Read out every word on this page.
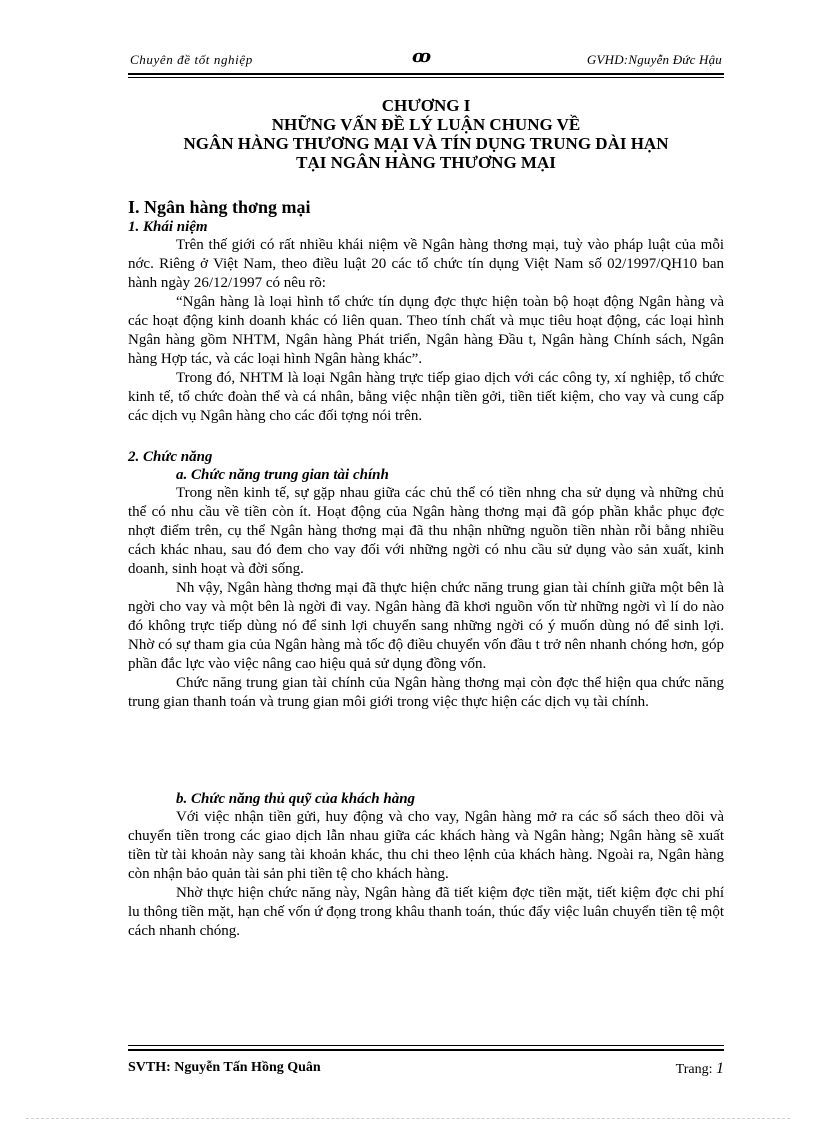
Chuyên đề tốt nghiệp	ꝏ	GVHD:Nguyễn Đức Hậu
CHƯƠNG I
NHỮNG VẤN ĐỀ LÝ LUẬN CHUNG VỀ
NGÂN HÀNG THƯƠNG MẠI VÀ TÍN DỤNG TRUNG DÀI HẠN
TẠI NGÂN HÀNG THƯƠNG MẠI
I. Ngân hàng thơng mại
1. Khái niệm

Trên thế giới có rất nhiều khái niệm về Ngân hàng thơng mại, tuỳ vào pháp luật của mỗi nớc. Riêng ở Việt Nam, theo điều luật 20 các tổ chức tín dụng Việt Nam số 02/1997/QH10 ban hành ngày 26/12/1997 có nêu rõ:

“Ngân hàng là loại hình tổ chức tín dụng đợc thực hiện toàn bộ hoạt động Ngân hàng và các hoạt động kinh doanh khác có liên quan. Theo tính chất và mục tiêu hoạt động, các loại hình Ngân hàng gồm NHTM, Ngân hàng Phát triển, Ngân hàng Đầu t, Ngân hàng Chính sách, Ngân hàng Hợp tác, và các loại hình Ngân hàng khác”.

Trong đó, NHTM là loại Ngân hàng trực tiếp giao dịch với các công ty, xí nghiệp, tổ chức kinh tế, tổ chức đoàn thể và cá nhân, bằng việc nhận tiền gởi, tiền tiết kiệm, cho vay và cung cấp các dịch vụ Ngân hàng cho các đối tợng nói trên.

2. Chức năng
a. Chức năng trung gian tài chính

Trong nền kinh tế, sự gặp nhau giữa các chủ thể có tiền nhng cha sử dụng và những chủ thể có nhu cầu về tiền còn ít. Hoạt động của Ngân hàng thơng mại đã góp phần khắc phục đợc nhợt điểm trên, cụ thể Ngân hàng thơng mại đã thu nhận những nguồn tiền nhàn rỗi bằng nhiều cách khác nhau, sau đó đem cho vay đối với những ngời có nhu cầu sử dụng vào sản xuất, kinh doanh, sinh hoạt và đời sống.

Nh vậy, Ngân hàng thơng mại đã thực hiện chức năng trung gian tài chính giữa một bên là ngời cho vay và một bên là ngời đi vay. Ngân hàng đã khơi nguồn vốn từ những ngời vì lí do nào đó không trực tiếp dùng nó để sinh lợi chuyển sang những ngời có ý muốn dùng nó để sinh lợi. Nhờ có sự tham gia của Ngân hàng mà tốc độ điều chuyển vốn đầu t trở nên nhanh chóng hơn, góp phần đắc lực vào việc nâng cao hiệu quả sử dụng đồng vốn.

Chức năng trung gian tài chính của Ngân hàng thơng mại còn đợc thể hiện qua chức năng trung gian thanh toán và trung gian môi giới trong việc thực hiện các dịch vụ tài chính.

b. Chức năng thủ quỹ của khách hàng

Với việc nhận tiền gửi, huy động và cho vay, Ngân hàng mở ra các sổ sách theo dõi và chuyển tiền trong các giao dịch lẫn nhau giữa các khách hàng và Ngân hàng; Ngân hàng sẽ xuất tiền từ tài khoản này sang tài khoản khác, thu chi theo lệnh của khách hàng. Ngoài ra, Ngân hàng còn nhận bảo quản tài sản phi tiền tệ cho khách hàng.

Nhờ thực hiện chức năng này, Ngân hàng đã tiết kiệm đợc tiền mặt, tiết kiệm đợc chi phí lu thông tiền mặt, hạn chế vốn ứ đọng trong khâu thanh toán, thúc đẩy việc luân chuyển tiền tệ một cách nhanh chóng.

SVTH: Nguyễn Tấn Hồng Quân	Trang: 1
